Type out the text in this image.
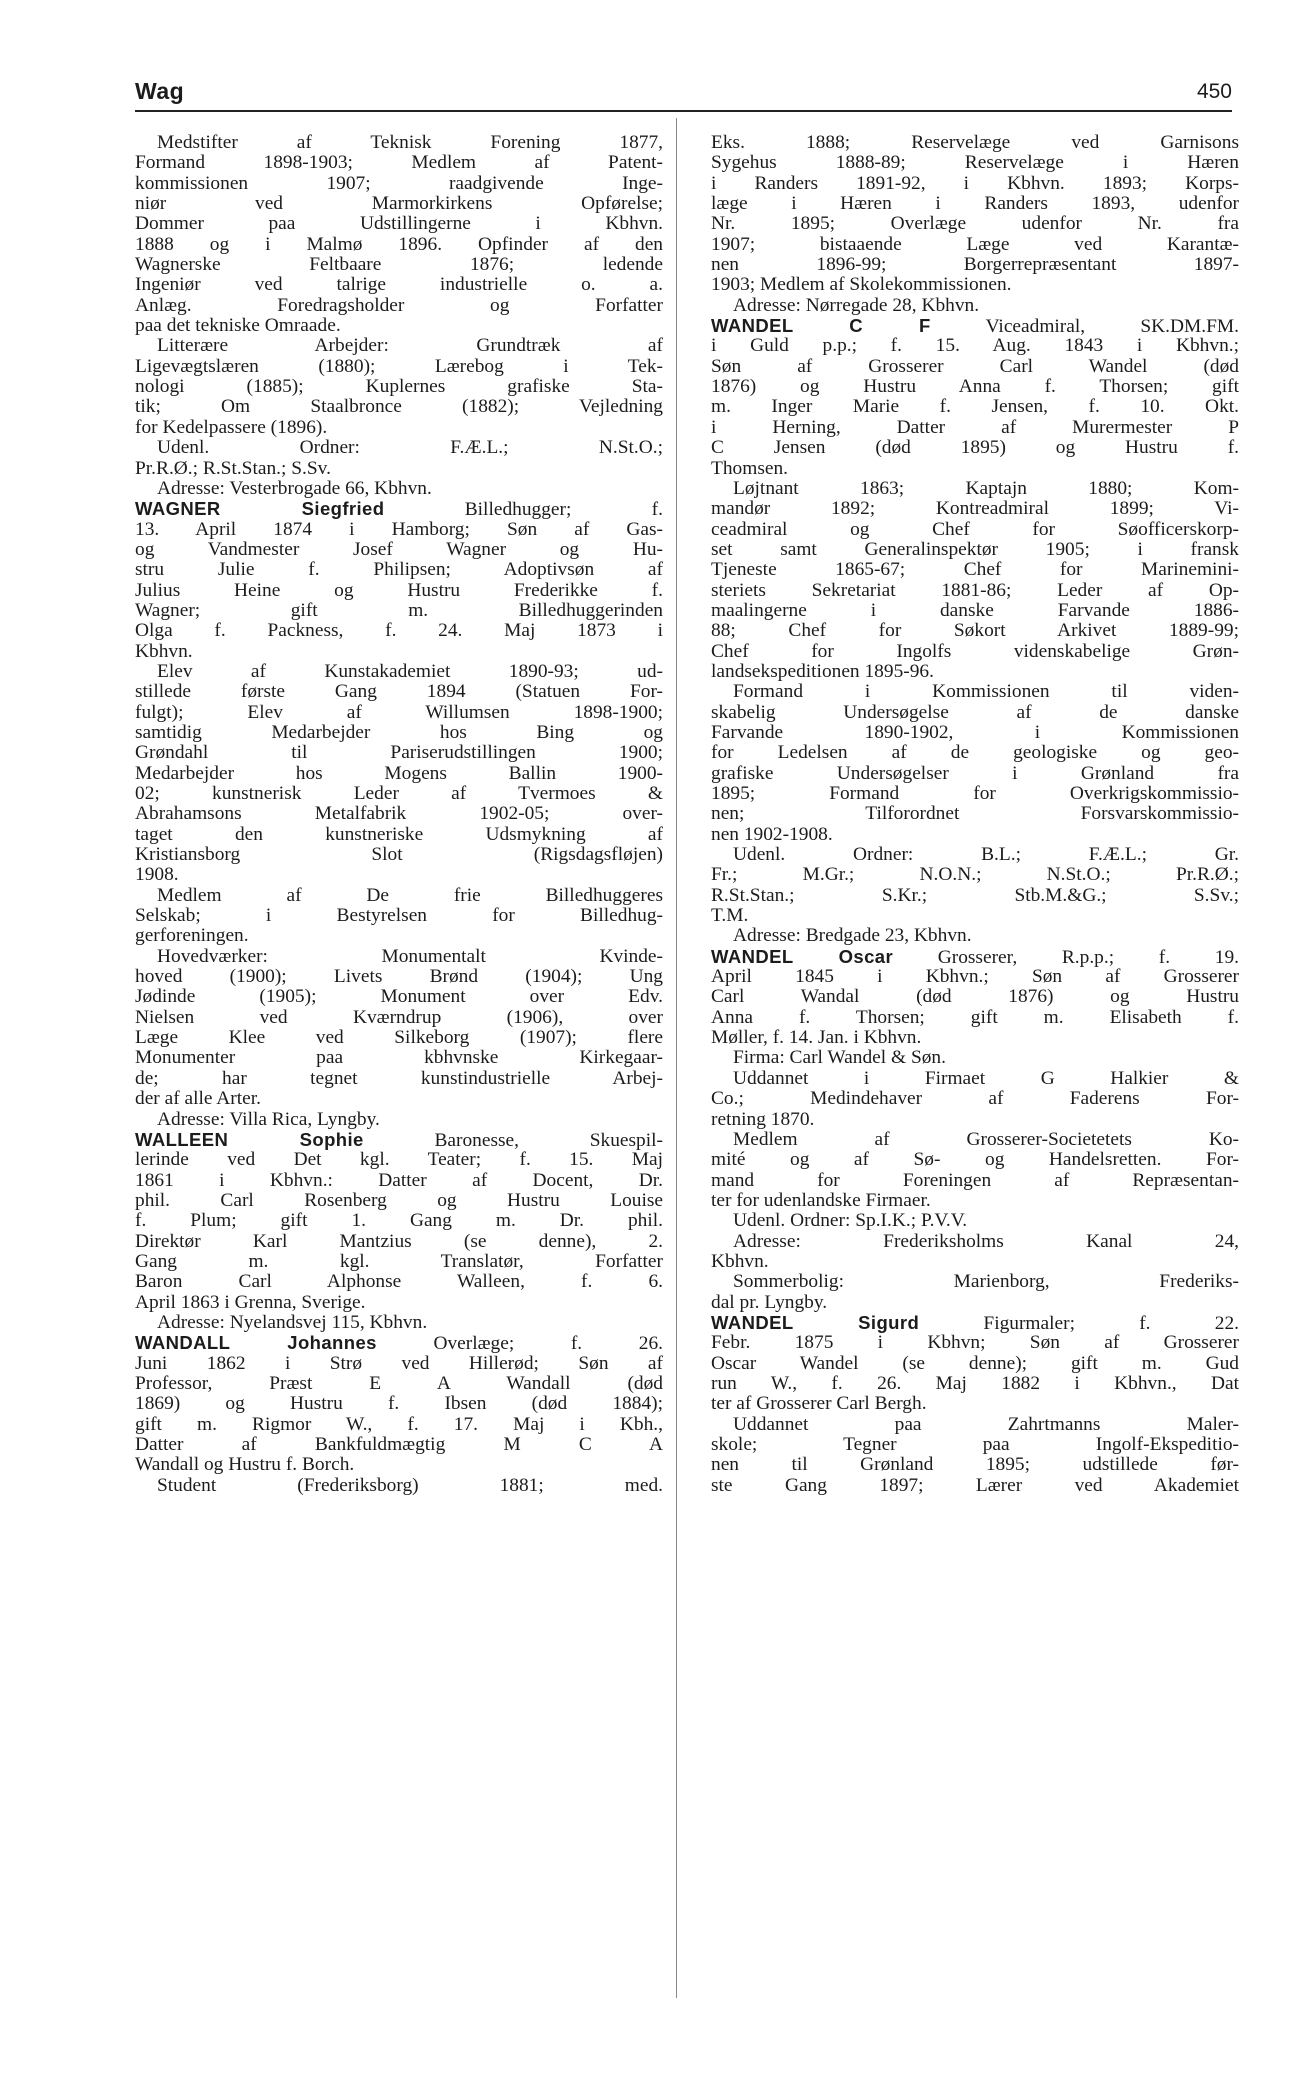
Wag	450
Medstifter af Teknisk Forening 1877,
Formand 1898-1903; Medlem af Patent-
kommissionen 1907; raadgivende Inge-
niør ved Marmorkirkens Opførelse;
Dommer paa Udstillingerne i Kbhvn.
1888 og i Malmø 1896. Opfinder af den
Wagnerske Feltbaare 1876; ledende
Ingeniør ved talrige industrielle o. a.
Anlæg. Foredragsholder og Forfatter
paa det tekniske Omraade.
Litterære Arbejder: Grundtræk af
Ligevægtslæren (1880); Lærebog i Tek-
nologi (1885); Kuplernes grafiske Sta-
tik; Om Staalbronce (1882); Vejledning
for Kedelpassere (1896).
Udenl. Ordner: F.Æ.L.; N.St.O.;
Pr.R.Ø.; R.St.Stan.; S.Sv.
Adresse: Vesterbrogade 66, Kbhvn.
WAGNER Siegfried Billedhugger; f.
13. April 1874 i Hamborg; Søn af Gas-
og Vandmester Josef Wagner og Hu-
stru Julie f. Philipsen; Adoptivsøn af
Julius Heine og Hustru Frederikke f.
Wagner; gift m. Billedhuggerinden
Olga f. Packness, f. 24. Maj 1873 i
Kbhvn.
Elev af Kunstakademiet 1890-93; ud-
stillede første Gang 1894 (Statuen For-
fulgt); Elev af Willumsen 1898-1900;
samtidig Medarbejder hos Bing og
Grøndahl til Pariserudstillingen 1900;
Medarbejder hos Mogens Ballin 1900-
02; kunstnerisk Leder af Tvermoes &
Abrahamsons Metalfabrik 1902-05; over-
taget den kunstneriske Udsmykning af
Kristiansborg Slot (Rigsdagsfløjen)
1908.
Medlem af De frie Billedhuggeres
Selskab; i Bestyrelsen for Billedhug-
gerforeningen.
Hovedværker: Monumentalt Kvinde-
hoved (1900); Livets Brønd (1904); Ung
Jødinde (1905); Monument over Edv.
Nielsen ved Kværndrup (1906), over
Læge Klee ved Silkeborg (1907); flere
Monumenter paa kbhvnske Kirkegaar-
de; har tegnet kunstindustrielle Arbej-
der af alle Arter.
Adresse: Villa Rica, Lyngby.
WALLEEN Sophie Baronesse, Skuespil-
lerinde ved Det kgl. Teater; f. 15. Maj
1861 i Kbhvn.: Datter af Docent, Dr.
phil. Carl Rosenberg og Hustru Louise
f. Plum; gift 1. Gang m. Dr. phil.
Direktør Karl Mantzius (se denne), 2.
Gang m. kgl. Translatør, Forfatter
Baron Carl Alphonse Walleen, f. 6.
April 1863 i Grenna, Sverige.
Adresse: Nyelandsvej 115, Kbhvn.
WANDALL Johannes Overlæge; f. 26.
Juni 1862 i Strø ved Hillerød; Søn af
Professor, Præst E A Wandall (død
1869) og Hustru f. Ibsen (død 1884);
gift m. Rigmor W., f. 17. Maj i Kbh.,
Datter af Bankfuldmægtig M C A
Wandall og Hustru f. Borch.
Student (Frederiksborg) 1881; med.
Eks. 1888; Reservelæge ved Garnisons
Sygehus 1888-89; Reservelæge i Hæren
i Randers 1891-92, i Kbhvn. 1893; Korps-
læge i Hæren i Randers 1893, udenfor
Nr. 1895; Overlæge udenfor Nr. fra
1907; bistaaende Læge ved Karantæ-
nen 1896-99; Borgerrepræsentant 1897-
1903; Medlem af Skolekommissionen.
Adresse: Nørregade 28, Kbhvn.
WANDEL C F Viceadmiral, SK.DM.FM.
i Guld p.p.; f. 15. Aug. 1843 i Kbhvn.;
Søn af Grosserer Carl Wandel (død
1876) og Hustru Anna f. Thorsen; gift
m. Inger Marie f. Jensen, f. 10. Okt.
i Herning, Datter af Murermester P
C Jensen (død 1895) og Hustru f.
Thomsen.
Løjtnant 1863; Kaptajn 1880; Kom-
mandør 1892; Kontreadmiral 1899; Vi-
ceadmiral og Chef for Søofficerskorp-
set samt Generalinspektør 1905; i fransk
Tjeneste 1865-67; Chef for Marinemini-
steriets Sekretariat 1881-86; Leder af Op-
maalingerne i danske Farvande 1886-
88; Chef for Søkort Arkivet 1889-99;
Chef for Ingolfs videnskabelige Grøn-
landsekspeditionen 1895-96.
Formand i Kommissionen til viden-
skabelig Undersøgelse af de danske
Farvande 1890-1902, i Kommissionen
for Ledelsen af de geologiske og geo-
grafiske Undersøgelser i Grønland fra
1895; Formand for Overkrigskommissio-
nen; Tilforordnet Forsvarskommissio-
nen 1902-1908.
Udenl. Ordner: B.L.; F.Æ.L.; Gr.
Fr.; M.Gr.; N.O.N.; N.St.O.; Pr.R.Ø.;
R.St.Stan.; S.Kr.; Stb.M.&G.; S.Sv.;
T.M.
Adresse: Bredgade 23, Kbhvn.
WANDEL Oscar Grosserer, R.p.p.; f. 19.
April 1845 i Kbhvn.; Søn af Grosserer
Carl Wandal (død 1876) og Hustru
Anna f. Thorsen; gift m. Elisabeth f.
Møller, f. 14. Jan. i Kbhvn.
Firma: Carl Wandel & Søn.
Uddannet i Firmaet G Halkier &
Co.; Medindehaver af Faderens For-
retning 1870.
Medlem af Grosserer-Societetets Ko-
mité og af Sø- og Handelsretten. For-
mand for Foreningen af Repræsentan-
ter for udenlandske Firmaer.
Udenl. Ordner: Sp.I.K.; P.V.V.
Adresse: Frederiksholms Kanal 24,
Kbhvn.
Sommerbolig: Marienborg, Frederiks-
dal pr. Lyngby.
WANDEL Sigurd Figurmaler; f. 22.
Febr. 1875 i Kbhvn; Søn af Grosserer
Oscar Wandel (se denne); gift m. Gud
run W., f. 26. Maj 1882 i Kbhvn., Dat
ter af Grosserer Carl Bergh.
Uddannet paa Zahrtmanns Maler-
skole; Tegner paa Ingolf-Ekspeditio-
nen til Grønland 1895; udstillede før-
ste Gang 1897; Lærer ved Akademiet
